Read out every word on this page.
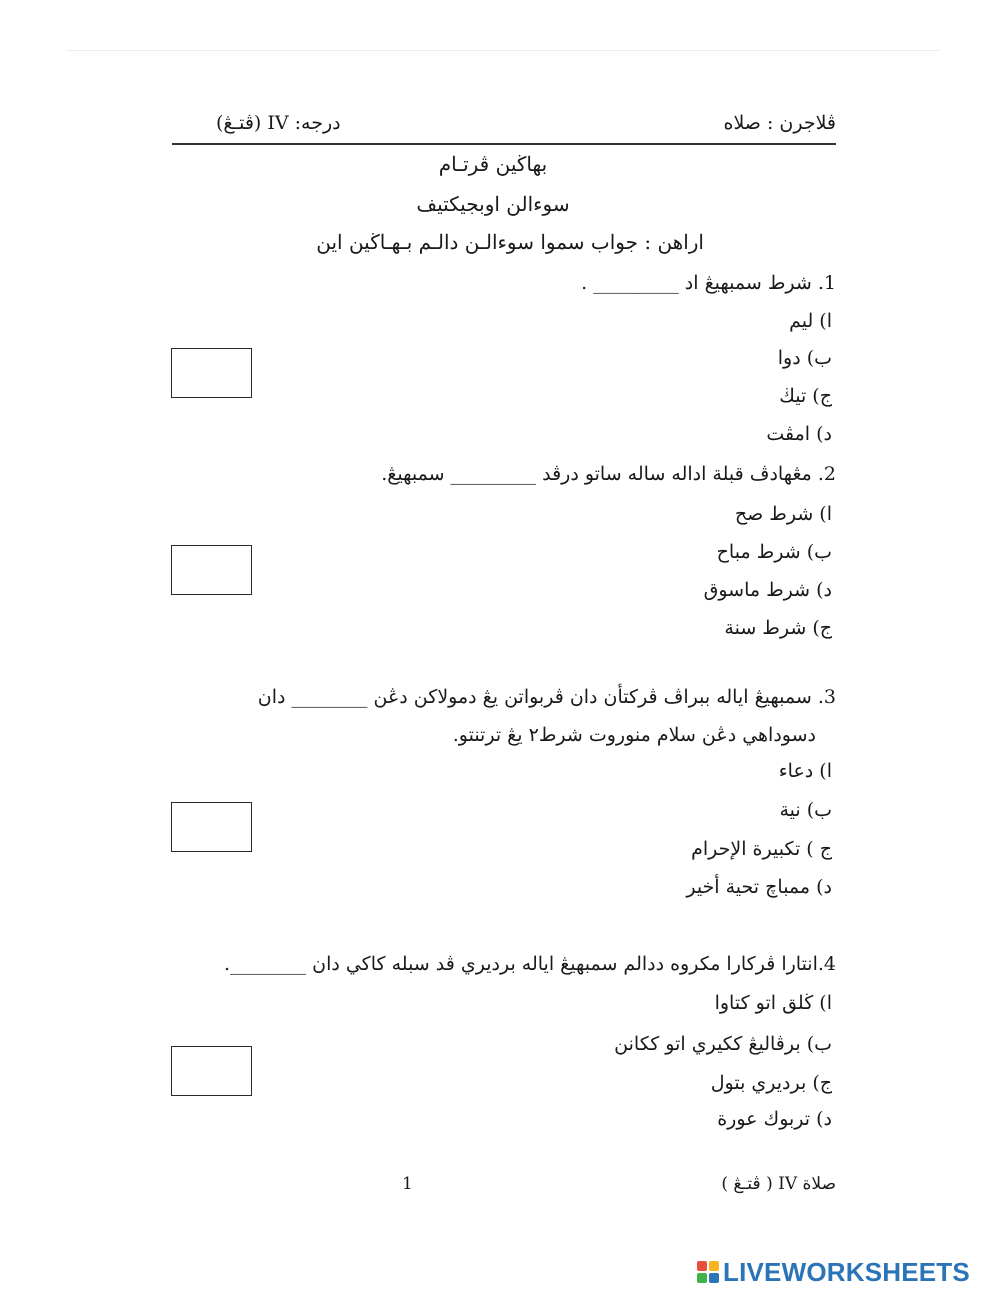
ڤلاجرن : صلاه
درجه: IV (ڤتـڠ)
بهاڬين ڤرتـام
سوءالن اوبجيكتيف
اراهن : جواب سموا سوءالـن دالـم بـهـاڬين اين
1. شرط سمبهيڠ اد _________ .
ا) ليم
ب) دوا
ج) تيڬ
د) امڤت
2. مڠهادڤ قبلة اداله ساله ساتو درڤد _________ سمبهيڠ.
ا) شرط صح
ب) شرط مباح
د) شرط ماسوق
ج) شرط سنة
3. سمبهيڠ اياله ببراڤ ڤركتأن دان ڤربواتن يڠ دمولاكن دڠن ________ دان
دسوداهي دڠن سلام منوروت شرط٢ يڠ ترتنتو.
ا) دعاء
ب) نية
ج ) تكبيرة الإحرام
د) ممباچ تحية أخير
4.انتارا ڤركارا مكروه ددالم سمبهيڠ اياله برديري ڤد سبله كاكي دان ________.
ا) ڬلق اتو كتاوا
ب) برڤاليڠ ككيري اتو ككانن
ج) برديري بتول
د) تربوك عورة
صلاة IV ( ڤتـڠ )
1
LIVEWORKSHEETS
